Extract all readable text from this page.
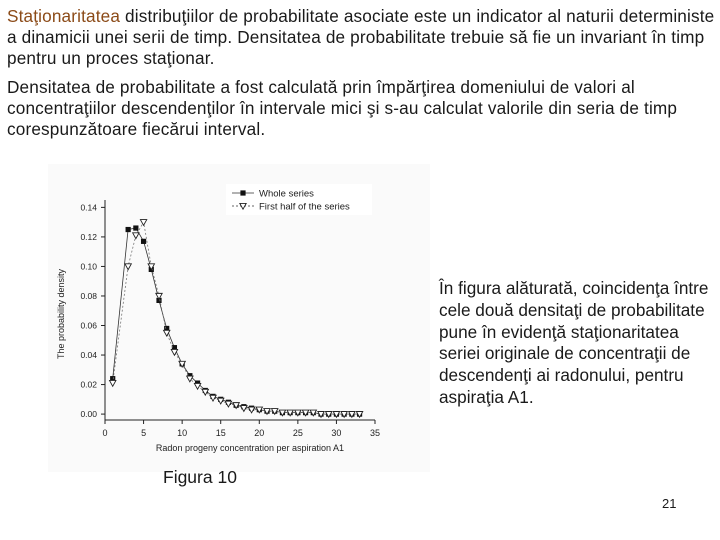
Staţionaritatea distribuţiilor de probabilitate asociate este un indicator al naturii deterministe a dinamicii unei serii de timp. Densitatea de probabilitate trebuie să fie un invariant în timp pentru un proces staţionar.

Densitatea de probabilitate a fost calculată prin împărţirea domeniului de valori al concentraţiilor descendenţilor în intervale mici şi s-au calculat valorile din seria de timp corespunzătoare fiecărui interval.

0	5	10	15	20	25	30	35
0.00
0.02
0.04
0.06
0.08
0.10
0.12
0.14
Radon progeny concentration per aspiration A1
The probability density
Whole series
First half of the series

În figura alăturată, coincidenţa între cele două densitaţi de probabilitate pune în evidenţă staţionaritatea seriei originale de concentraţii de descendenţi ai radonului, pentru aspiraţia A1.

Figura 10
21
